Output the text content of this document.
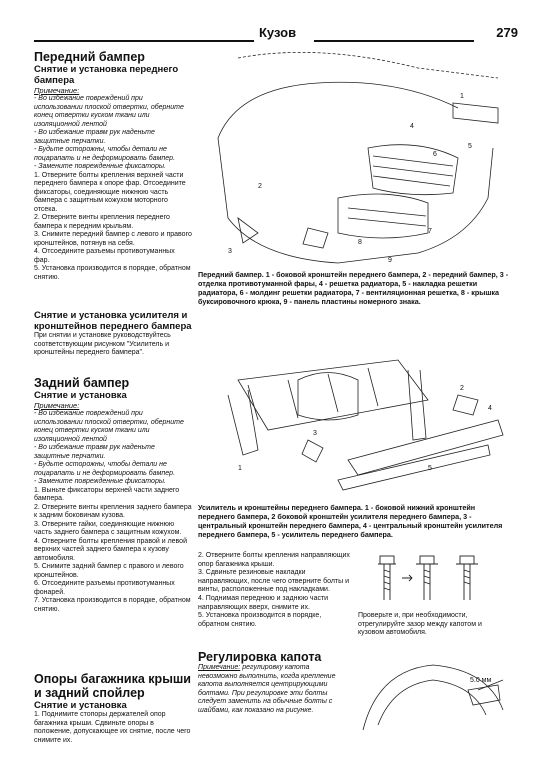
Кузов	279
Передний бампер
Снятие и установка переднего бампера
Примечание:

- Во избежание повреждений при использовании плоской отвертки, оберните конец отвертки куском ткани или изоляционной лентой

- Во избежание травм рук наденьте защитные перчатки.

- Будьте осторожны, чтобы детали не поцарапать и не деформировать бампер.

- Замените поврежденные фиксаторы.

1. Отверните болты крепления верхней части переднего бампера к опоре фар. Отсоедините фиксаторы, соединяющие нижнюю часть бампера с защитным кожухом моторного отсека.

2. Отверните винты крепления переднего бампера к передним крыльям.

3. Снимите передний бампер с левого и правого кронштейнов, потянув на себя.

4. Отсоедините разъемы противотуманных фар.

5. Установка производится в порядке, обратном снятию.

Снятие и установка усилителя и кронштейнов переднего бампера

При снятии и установке руководствуйтесь соответствующим рисунком "Усилитель и кронштейны переднего бампера".

Задний бампер
Снятие и установка
Примечание:

- Во избежание повреждений при использовании плоской отвертки, оберните конец отвертки куском ткани или изоляционной лентой

- Во избежание травм рук наденьте защитные перчатки.

- Будьте осторожны, чтобы детали не поцарапать и не деформировать бампер.

- Замените поврежденные фиксаторы.

1. Выньте фиксаторы верхней части заднего бампера.

2. Отверните винты крепления заднего бампера к задним боковинам кузова.

3. Отверните гайки, соединяющие нижнюю часть заднего бампера с защитным кожухом.

4. Отверните болты крепления правой и левой верхних частей заднего бампера к кузову автомобиля.

5. Снимите задний бампер с правого и левого кронштейнов.

6. Отсоедините разъемы противотуманных фонарей.

7. Установка производится в порядке, обратном снятию.

Опоры багажника крыши и задний спойлер
Снятие и установка

1. Поднимите стопоры держателей опор багажника крыши. Сдвиньте опоры в положение, допускающее их снятие, после чего снимите их.

1
2
3
4
5
6
7
8
9
Передний бампер. 1 - боковой кронштейн переднего бампера, 2 - передний бампер, 3 - отделка противотуманной фары, 4 - решетка радиатора, 5 - накладка решетки радиатора, 6 - молдинг решетки радиатора, 7 - вентиляционная решетка, 8 - крышка буксировочного крюка, 9 - панель пластины номерного знака.
1
2
3
4
5
Усилитель и кронштейны переднего бампера. 1 - боковой нижний кронштейн переднего бампера, 2 боковой кронштейн усилителя переднего бампера, 3 - центральный кронштейн переднего бампера, 4 - центральный кронштейн усилителя переднего бампера, 5 - усилитель переднего бампера.
2. Отверните болты крепления направляющих опор багажника крыши.
3. Сдвиньте резиновые накладки направляющих, после чего отверните болты и винты, расположенные под накладками.
4. Поднимая переднюю и заднюю части направляющих вверх, снимите их.
5. Установка производится в порядке, обратном снятию.
Проверьте и, при необходимости, отрегулируйте зазор между капотом и кузовом автомобиля.
Регулировка капота
Примечание: регулировку капота невозможно выполнить, когда крепление капота выполняется центрирующими болтами. При регулировке эти болты следует заменить на обычные болты с шайбами, как показано на рисунке.
5.0 мм
